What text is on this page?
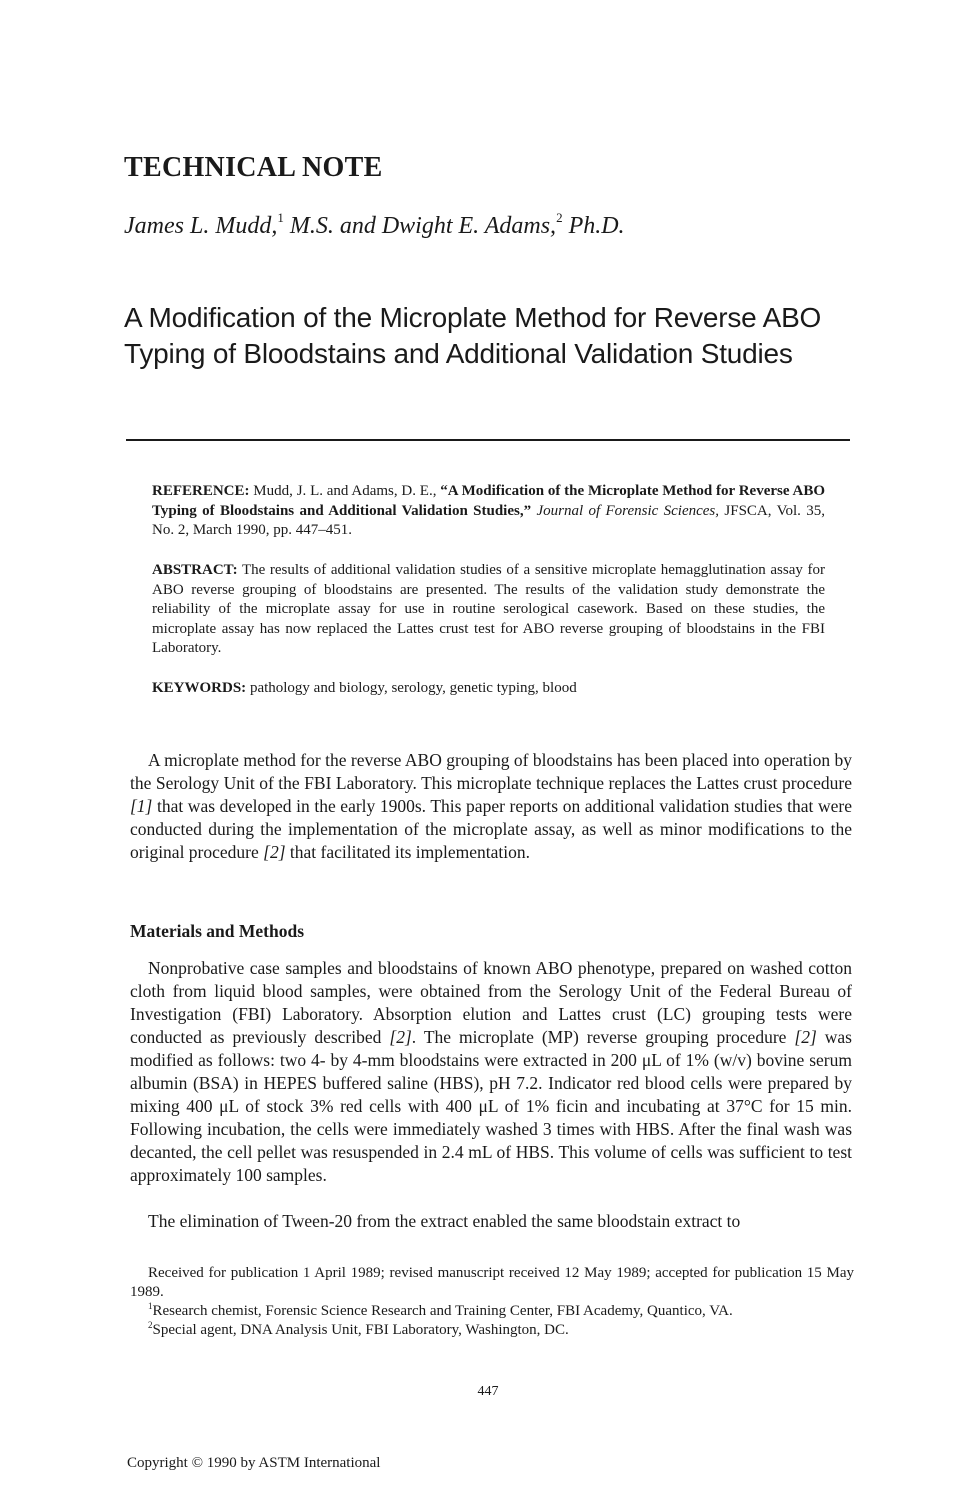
TECHNICAL NOTE

James L. Mudd,$^1$ M.S. and Dwight E. Adams,$^2$ Ph.D.

A Modification of the Microplate Method for Reverse ABO Typing of Bloodstains and Additional Validation Studies

REFERENCE: Mudd, J. L. and Adams, D. E., “A Modification of the Microplate Method for Reverse ABO Typing of Bloodstains and Additional Validation Studies,” Journal of Forensic Sciences, JFSCA, Vol. 35, No. 2, March 1990, pp. 447–451.

ABSTRACT: The results of additional validation studies of a sensitive microplate hemagglutination assay for ABO reverse grouping of bloodstains are presented. The results of the validation study demonstrate the reliability of the microplate assay for use in routine serological casework. Based on these studies, the microplate assay has now replaced the Lattes crust test for ABO reverse grouping of bloodstains in the FBI Laboratory.

KEYWORDS: pathology and biology, serology, genetic typing, blood

A microplate method for the reverse ABO grouping of bloodstains has been placed into operation by the Serology Unit of the FBI Laboratory. This microplate technique replaces the Lattes crust procedure [1] that was developed in the early 1900s. This paper reports on additional validation studies that were conducted during the implementation of the microplate assay, as well as minor modifications to the original procedure [2] that facilitated its implementation.

Materials and Methods

Nonprobative case samples and bloodstains of known ABO phenotype, prepared on washed cotton cloth from liquid blood samples, were obtained from the Serology Unit of the Federal Bureau of Investigation (FBI) Laboratory. Absorption elution and Lattes crust (LC) grouping tests were conducted as previously described [2]. The microplate (MP) reverse grouping procedure [2] was modified as follows: two 4- by 4-mm bloodstains were extracted in 200 μL of 1% (w/v) bovine serum albumin (BSA) in HEPES buffered saline (HBS), pH 7.2. Indicator red blood cells were prepared by mixing 400 μL of stock 3% red cells with 400 μL of 1% ficin and incubating at 37°C for 15 min. Following incubation, the cells were immediately washed 3 times with HBS. After the final wash was decanted, the cell pellet was resuspended in 2.4 mL of HBS. This volume of cells was sufficient to test approximately 100 samples.

The elimination of Tween-20 from the extract enabled the same bloodstain extract to

Received for publication 1 April 1989; revised manuscript received 12 May 1989; accepted for publication 15 May 1989.

$^1$Research chemist, Forensic Science Research and Training Center, FBI Academy, Quantico, VA.

$^2$Special agent, DNA Analysis Unit, FBI Laboratory, Washington, DC.

447

Copyright © 1990 by ASTM International
